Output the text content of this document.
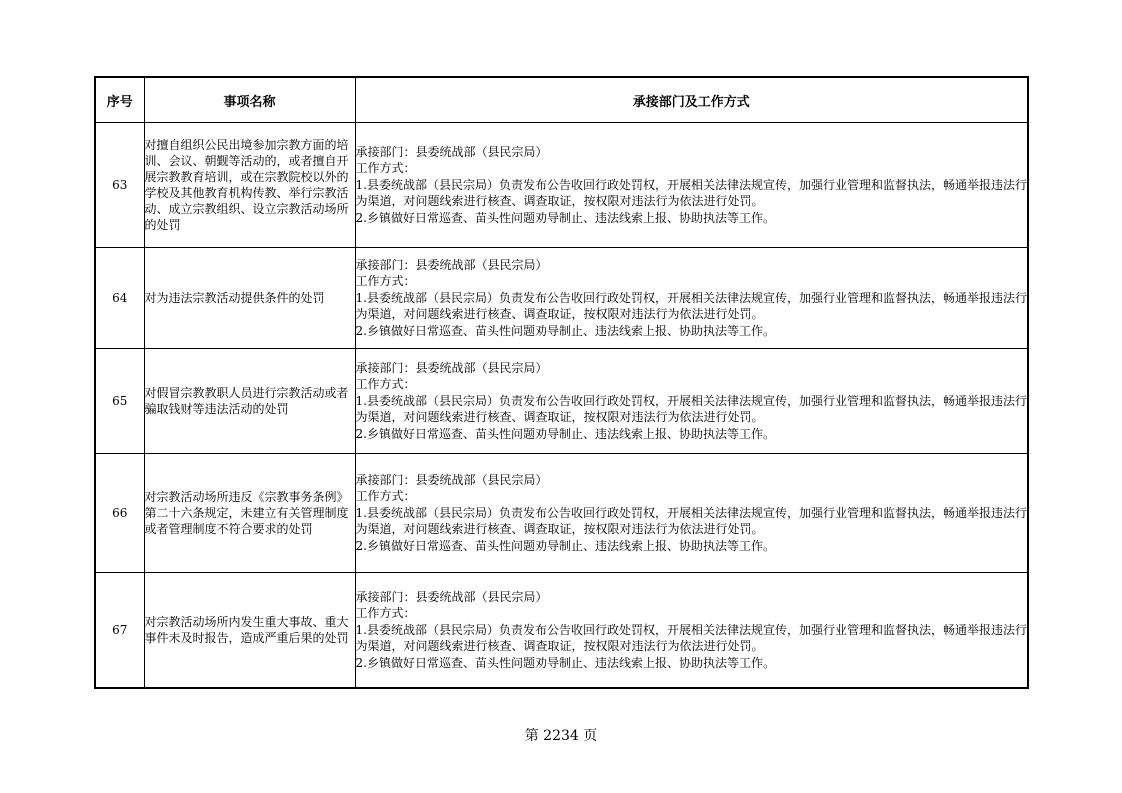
序号	事项名称	承接部门及工作方式
63	对擅自组织公民出境参加宗教方面的培训、会议、朝觐等活动的，或者擅自开展宗教教育培训，或在宗教院校以外的学校及其他教育机构传教、举行宗教活动、成立宗教组织、设立宗教活动场所的处罚	承接部门：县委统战部（县民宗局）
工作方式：
1.县委统战部（县民宗局）负责发布公告收回行政处罚权，开展相关法律法规宣传，加强行业管理和监督执法，畅通举报违法行为渠道，对问题线索进行核查、调查取证，按权限对违法行为依法进行处罚。
2.乡镇做好日常巡查、苗头性问题劝导制止、违法线索上报、协助执法等工作。

64	对为违法宗教活动提供条件的处罚	承接部门：县委统战部（县民宗局）
工作方式：
1.县委统战部（县民宗局）负责发布公告收回行政处罚权，开展相关法律法规宣传，加强行业管理和监督执法，畅通举报违法行为渠道，对问题线索进行核查、调查取证，按权限对违法行为依法进行处罚。
2.乡镇做好日常巡查、苗头性问题劝导制止、违法线索上报、协助执法等工作。

65	对假冒宗教教职人员进行宗教活动或者骗取钱财等违法活动的处罚	承接部门：县委统战部（县民宗局）
工作方式：
1.县委统战部（县民宗局）负责发布公告收回行政处罚权，开展相关法律法规宣传，加强行业管理和监督执法，畅通举报违法行为渠道，对问题线索进行核查、调查取证，按权限对违法行为依法进行处罚。
2.乡镇做好日常巡查、苗头性问题劝导制止、违法线索上报、协助执法等工作。

66	对宗教活动场所违反《宗教事务条例》第二十六条规定，未建立有关管理制度或者管理制度不符合要求的处罚	承接部门：县委统战部（县民宗局）
工作方式：
1.县委统战部（县民宗局）负责发布公告收回行政处罚权，开展相关法律法规宣传，加强行业管理和监督执法，畅通举报违法行为渠道，对问题线索进行核查、调查取证，按权限对违法行为依法进行处罚。
2.乡镇做好日常巡查、苗头性问题劝导制止、违法线索上报、协助执法等工作。

67	对宗教活动场所内发生重大事故、重大事件未及时报告，造成严重后果的处罚	承接部门：县委统战部（县民宗局）
工作方式：
1.县委统战部（县民宗局）负责发布公告收回行政处罚权，开展相关法律法规宣传，加强行业管理和监督执法，畅通举报违法行为渠道，对问题线索进行核查、调查取证，按权限对违法行为依法进行处罚。
2.乡镇做好日常巡查、苗头性问题劝导制止、违法线索上报、协助执法等工作。
第 2234 页
